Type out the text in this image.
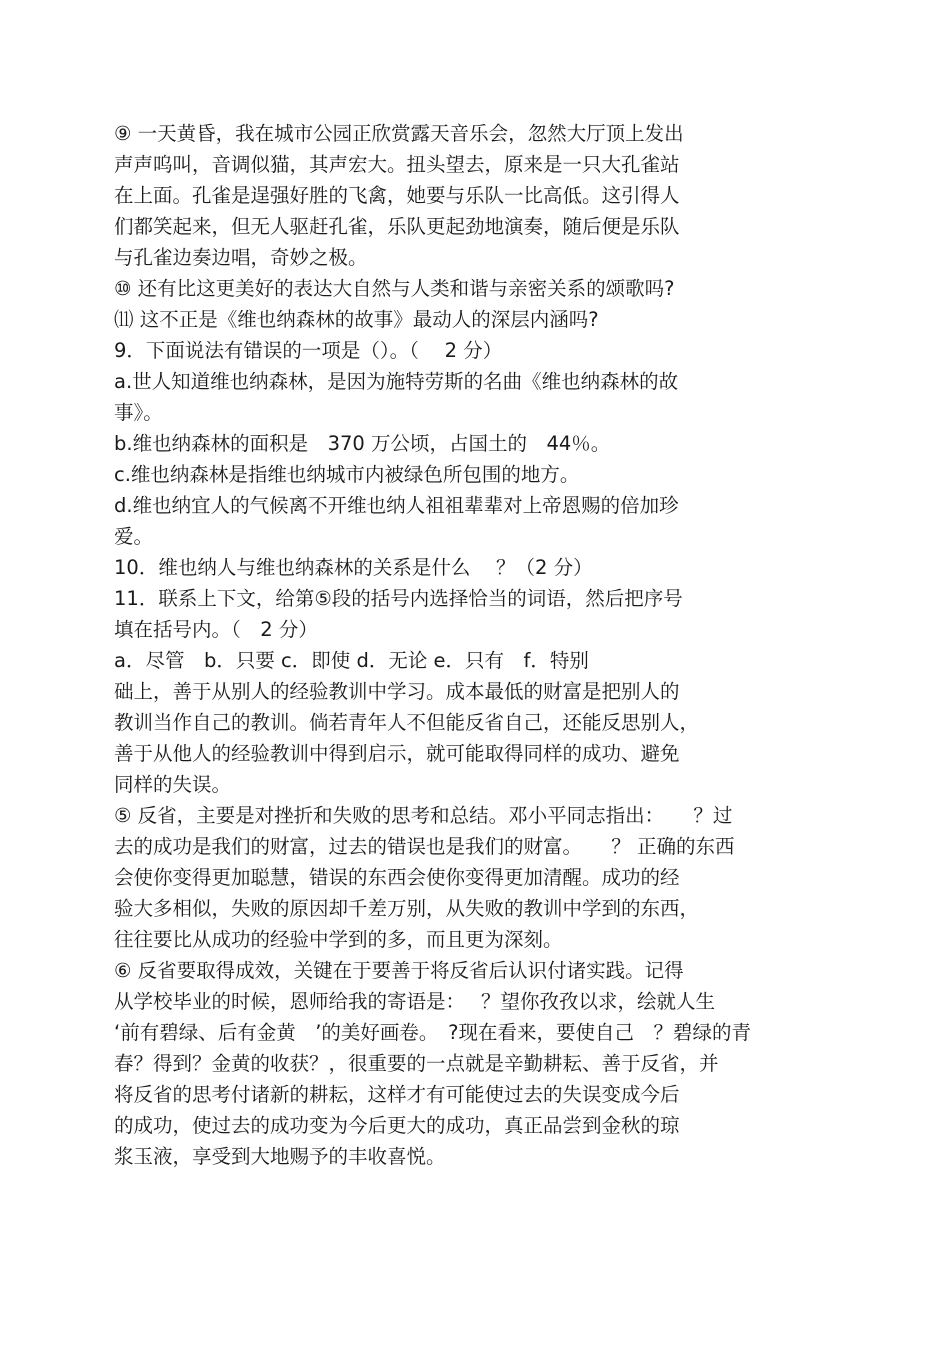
⑨ 一天黄昏，我在城市公园正欣赏露天音乐会，忽然大厅顶上发出
声声呜叫，音调似猫，其声宏大。扭头望去，原来是一只大孔雀站
在上面。孔雀是逞强好胜的飞禽，她要与乐队一比高低。这引得人
们都笑起来，但无人驱赶孔雀，乐队更起劲地演奏，随后便是乐队
与孔雀边奏边唱，奇妙之极。
⑩ 还有比这更美好的表达大自然与人类和谐与亲密关系的颂歌吗?
⑾ 这不正是《维也纳森林的故事》最动人的深层内涵吗?
9．下面说法有错误的一项是（）。（　 2 分）
a.世人知道维也纳森林，是因为施特劳斯的名曲《维也纳森林的故
事》。
b.维也纳森林的面积是　370 万公顷，占国土的　44％。
c.维也纳森林是指维也纳城市内被绿色所包围的地方。
d.维也纳宜人的气候离不开维也纳人祖祖辈辈对上帝恩赐的倍加珍
爱。
10．维也纳人与维也纳森林的关系是什么　 ？（2 分）
11．联系上下文，给第⑤段的括号内选择恰当的词语，然后把序号
填在括号内。（　2 分）
a．尽管　b．只要 c．即使 d．无论 e．只有　f．特别
础上，善于从别人的经验教训中学习。成本最低的财富是把别人的
教训当作自己的教训。倘若青年人不但能反省自己，还能反思别人，
善于从他人的经验教训中得到启示，就可能取得同样的成功、避免
同样的失误。
⑤ 反省，主要是对挫折和失败的思考和总结。邓小平同志指出：　　？过
去的成功是我们的财富，过去的错误也是我们的财富。　　？ 正确的东西
会使你变得更加聪慧，错误的东西会使你变得更加清醒。成功的经
验大多相似，失败的原因却千差万别，从失败的教训中学到的东西，
往往要比从成功的经验中学到的多，而且更为深刻。
⑥ 反省要取得成效，关键在于要善于将反省后认识付诸实践。记得
从学校毕业的时候，恩师给我的寄语是：　 ？望你孜孜以求，绘就人生
‘前有碧绿、后有金黄　’的美好画卷。　?现在看来，要使自己　？碧绿的青
春？得到？金黄的收获？，很重要的一点就是辛勤耕耘、善于反省，并
将反省的思考付诸新的耕耘，这样才有可能使过去的失误变成今后
的成功，使过去的成功变为今后更大的成功，真正品尝到金秋的琼
浆玉液，享受到大地赐予的丰收喜悦。
